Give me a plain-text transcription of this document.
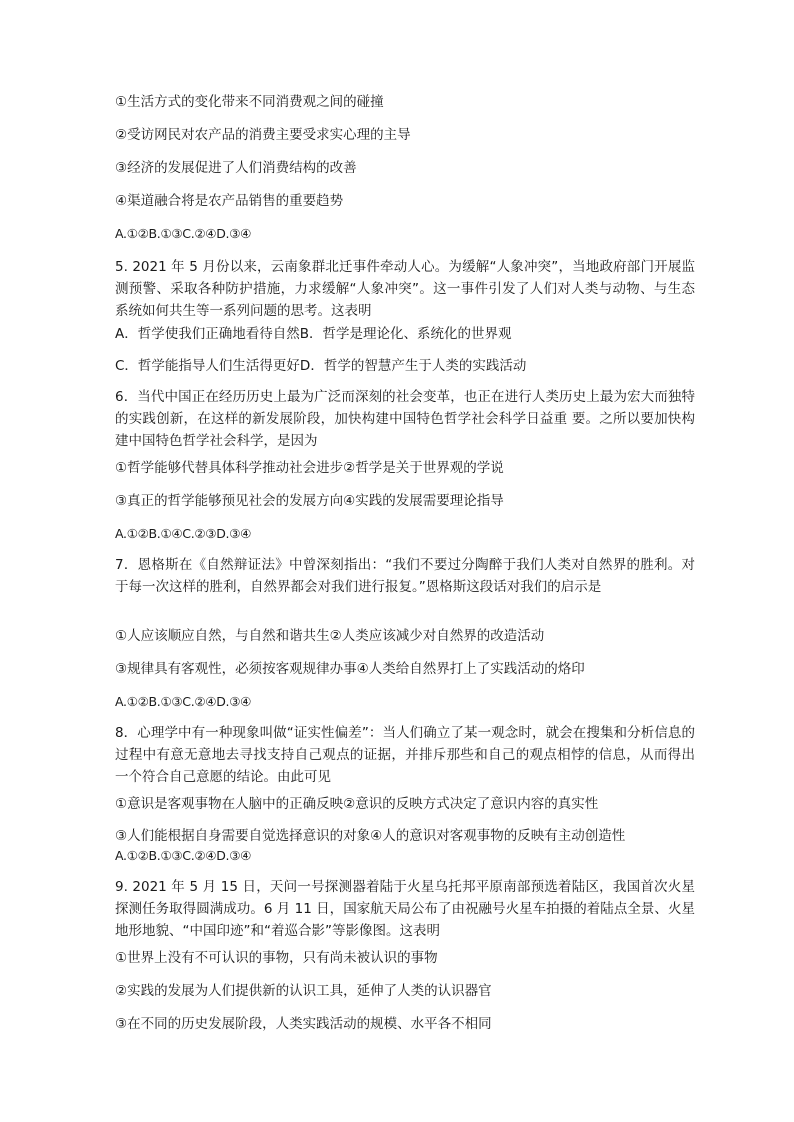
①生活方式的变化带来不同消费观之间的碰撞
②受访网民对农产品的消费主要受求实心理的主导
③经济的发展促进了人们消费结构的改善
④渠道融合将是农产品销售的重要趋势
A.①②B.①③C.②④D.③④
5. 2021 年 5 月份以来，云南象群北迁事件牵动人心。为缓解“人象冲突”，当地政府部门开展监测预警、采取各种防护措施，力求缓解“人象冲突”。这一事件引发了人们对人类与动物、与生态系统如何共生等一系列问题的思考。这表明
A．哲学使我们正确地看待自然B．哲学是理论化、系统化的世界观
C．哲学能指导人们生活得更好D．哲学的智慧产生于人类的实践活动
6．当代中国正在经历历史上最为广泛而深刻的社会变革，也正在进行人类历史上最为宏大而独特的实践创新，在这样的新发展阶段，加快构建中国特色哲学社会科学日益重 要。之所以要加快构建中国特色哲学社会科学，是因为
①哲学能够代替具体科学推动社会进步②哲学是关于世界观的学说
③真正的哲学能够预见社会的发展方向④实践的发展需要理论指导
A.①②B.①④C.②③D.③④
7．恩格斯在《自然辩证法》中曾深刻指出：“我们不要过分陶醉于我们人类对自然界的胜利。对于每一次这样的胜利，自然界都会对我们进行报复。”恩格斯这段话对我们的启示是
①人应该顺应自然，与自然和谐共生②人类应该减少对自然界的改造活动
③规律具有客观性，必须按客观规律办事④人类给自然界打上了实践活动的烙印
A.①②B.①③C.②④D.③④
8．心理学中有一种现象叫做“证实性偏差”：当人们确立了某一观念时，就会在搜集和分析信息的过程中有意无意地去寻找支持自己观点的证据，并排斥那些和自己的观点相悖的信息，从而得出一个符合自己意愿的结论。由此可见
①意识是客观事物在人脑中的正确反映②意识的反映方式决定了意识内容的真实性
③人们能根据自身需要自觉选择意识的对象④人的意识对客观事物的反映有主动创造性
A.①②B.①③C.②④D.③④
9. 2021 年 5 月 15 日，天问一号探测器着陆于火星乌托邦平原南部预选着陆区，我国首次火星探测任务取得圆满成功。6 月 11 日，国家航天局公布了由祝融号火星车拍摄的着陆点全景、火星地形地貌、“中国印迹”和“着巡合影”等影像图。这表明
①世界上没有不可认识的事物，只有尚未被认识的事物
②实践的发展为人们提供新的认识工具，延伸了人类的认识器官
③在不同的历史发展阶段，人类实践活动的规模、水平各不相同
